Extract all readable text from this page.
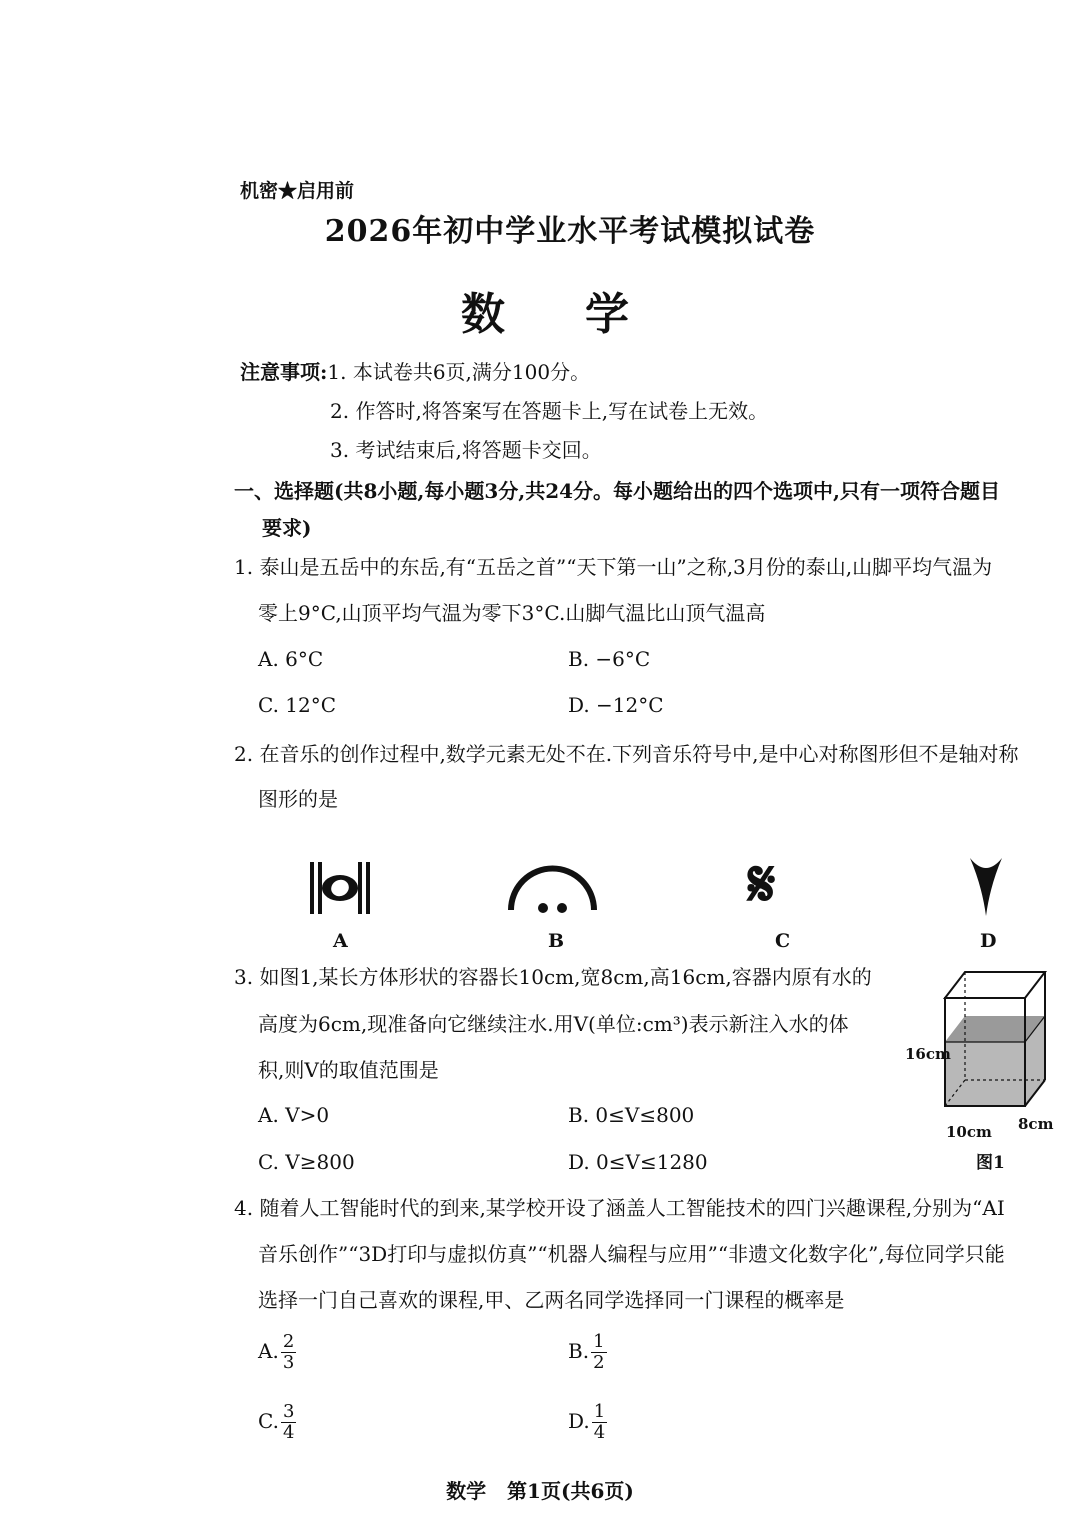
机密★启用前
2026年初中学业水平考试模拟试卷
数学
注意事项:1. 本试卷共6页,满分100分。
2. 作答时,将答案写在答题卡上,写在试卷上无效。
3. 考试结束后,将答题卡交回。
一、选择题(共8小题,每小题3分,共24分。每小题给出的四个选项中,只有一项符合题目
要求)
1. 泰山是五岳中的东岳,有“五岳之首”“天下第一山”之称,3月份的泰山,山脚平均气温为
零上9°C,山顶平均气温为零下3°C.山脚气温比山顶气温高
A. 6°C	B. −6°C
C. 12°C	D. −12°C
2. 在音乐的创作过程中,数学元素无处不在.下列音乐符号中,是中心对称图形但不是轴对称
图形的是
𝄋
A	B	C	D
3. 如图1,某长方体形状的容器长10cm,宽8cm,高16cm,容器内原有水的
高度为6cm,现准备向它继续注水.用V(单位:cm³)表示新注入水的体
积,则V的取值范围是
A. V>0	B. 0≤V≤800
C. V≥800	D. 0≤V≤1280
16cm
10cm 8cm
图1
4. 随着人工智能时代的到来,某学校开设了涵盖人工智能技术的四门兴趣课程,分别为“AI
音乐创作”“3D打印与虚拟仿真”“机器人编程与应用”“非遗文化数字化”,每位同学只能
选择一门自己喜欢的课程,甲、乙两名同学选择同一门课程的概率是
A. $\frac{2}{3}$	B. $\frac{1}{2}$
C. $\frac{3}{4}$	D. $\frac{1}{4}$
数学   第1页(共6页)
